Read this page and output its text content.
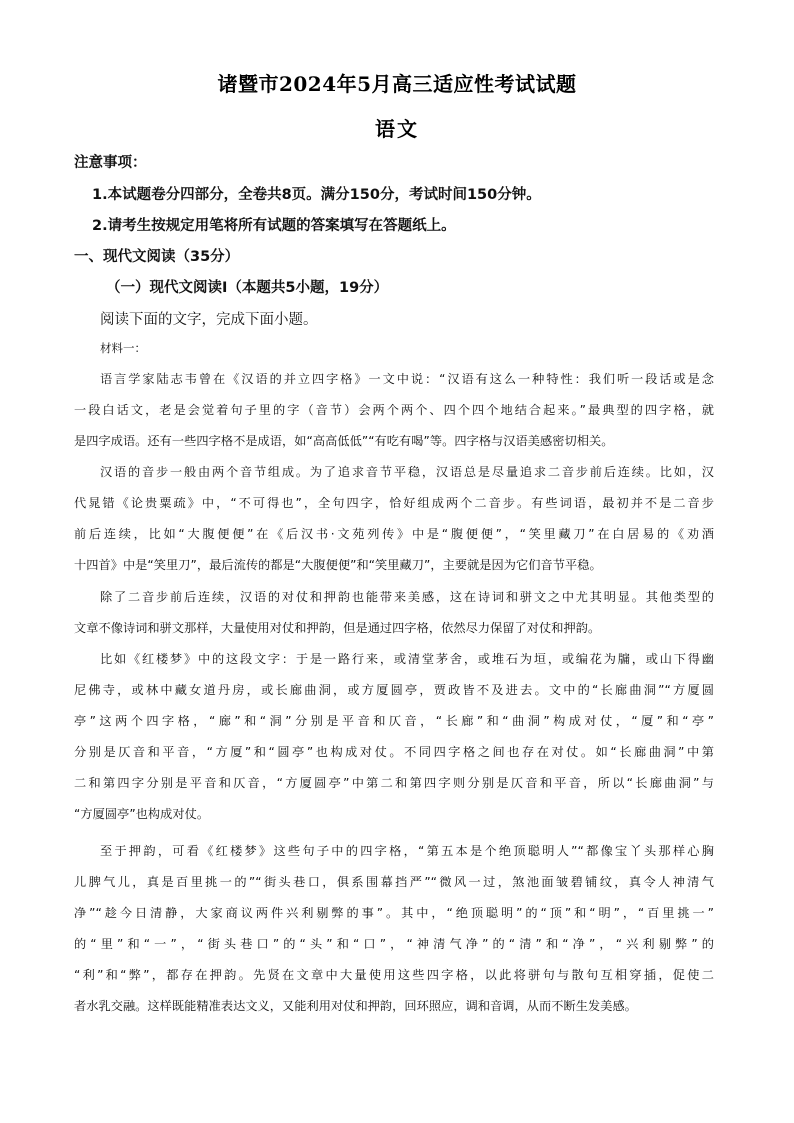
诸暨市2024年5月高三适应性考试试题
语文
注意事项：
1.本试题卷分四部分，全卷共8页。满分150分，考试时间150分钟。
2.请考生按规定用笔将所有试题的答案填写在答题纸上。
一、现代文阅读（35分）
（一）现代文阅读Ⅰ（本题共5小题，19分）
阅读下面的文字，完成下面小题。
材料一：
语言学家陆志韦曾在《汉语的并立四字格》一文中说：“汉语有这么一种特性：我们听一段话或是念
一段白话文，老是会觉着句子里的字（音节）会两个两个、四个四个地结合起来。”最典型的四字格，就
是四字成语。还有一些四字格不是成语，如“高高低低”“有吃有喝”等。四字格与汉语美感密切相关。
汉语的音步一般由两个音节组成。为了追求音节平稳，汉语总是尽量追求二音步前后连续。比如，汉
代晁错《论贵粟疏》中，“不可得也”，全句四字，恰好组成两个二音步。有些词语，最初并不是二音步
前后连续，比如“大腹便便”在《后汉书·文苑列传》中是“腹便便”，“笑里藏刀”在白居易的《劝酒
十四首》中是“笑里刀”，最后流传的都是“大腹便便”和“笑里藏刀”，主要就是因为它们音节平稳。
除了二音步前后连续，汉语的对仗和押韵也能带来美感，这在诗词和骈文之中尤其明显。其他类型的
文章不像诗词和骈文那样，大量使用对仗和押韵，但是通过四字格，依然尽力保留了对仗和押韵。
比如《红楼梦》中的这段文字：于是一路行来，或清堂茅舍，或堆石为垣，或编花为牖，或山下得幽
尼佛寺，或林中藏女道丹房，或长廊曲洞，或方厦圆亭，贾政皆不及进去。文中的“长廊曲洞”“方厦圆
亭”这两个四字格，“廊”和“洞”分别是平音和仄音，“长廊”和“曲洞”构成对仗，“厦”和“亭”
分别是仄音和平音，“方厦”和“圆亭”也构成对仗。不同四字格之间也存在对仗。如“长廊曲洞”中第
二和第四字分别是平音和仄音，“方厦圆亭”中第二和第四字则分别是仄音和平音，所以“长廊曲洞”与
“方厦圆亭”也构成对仗。
至于押韵，可看《红楼梦》这些句子中的四字格，“第五本是个绝顶聪明人”“都像宝丫头那样心胸
儿脾气儿，真是百里挑一的”“街头巷口，俱系围幕挡严”“微风一过，煞池面皱碧铺纹，真令人神清气
净”“趁今日清静，大家商议两件兴利剔弊的事”。其中，“绝顶聪明”的“顶”和“明”，“百里挑一”
的“里”和“一”，“街头巷口”的“头”和“口”，“神清气净”的“清”和“净”，“兴利剔弊”的
“利”和“弊”，都存在押韵。先贤在文章中大量使用这些四字格，以此将骈句与散句互相穿插，促使二
者水乳交融。这样既能精准表达文义，又能利用对仗和押韵，回环照应，调和音调，从而不断生发美感。
